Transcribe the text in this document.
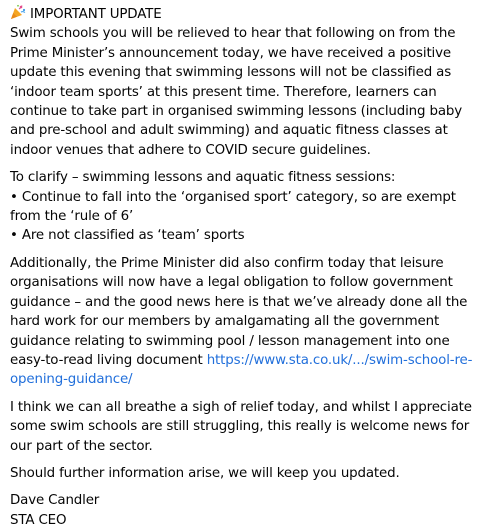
IMPORTANT UPDATE

Swim schools you will be relieved to hear that following on from the Prime Minister’s announcement today, we have received a positive update this evening that swimming lessons will not be classified as ‘indoor team sports’ at this present time. Therefore, learners can continue to take part in organised swimming lessons (including baby and pre-school and adult swimming) and aquatic fitness classes at indoor venues that adhere to COVID secure guidelines.

To clarify – swimming lessons and aquatic fitness sessions:
• Continue to fall into the ‘organised sport’ category, so are exempt from the ‘rule of 6’
• Are not classified as ‘team’ sports

Additionally, the Prime Minister did also confirm today that leisure organisations will now have a legal obligation to follow government guidance – and the good news here is that we’ve already done all the hard work for our members by amalgamating all the government guidance relating to swimming pool / lesson management into one easy-to-read living document https://www.sta.co.uk/.../swim-school-re-opening-guidance/

I think we can all breathe a sigh of relief today, and whilst I appreciate some swim schools are still struggling, this really is welcome news for our part of the sector.

Should further information arise, we will keep you updated.

Dave Candler
STA CEO
